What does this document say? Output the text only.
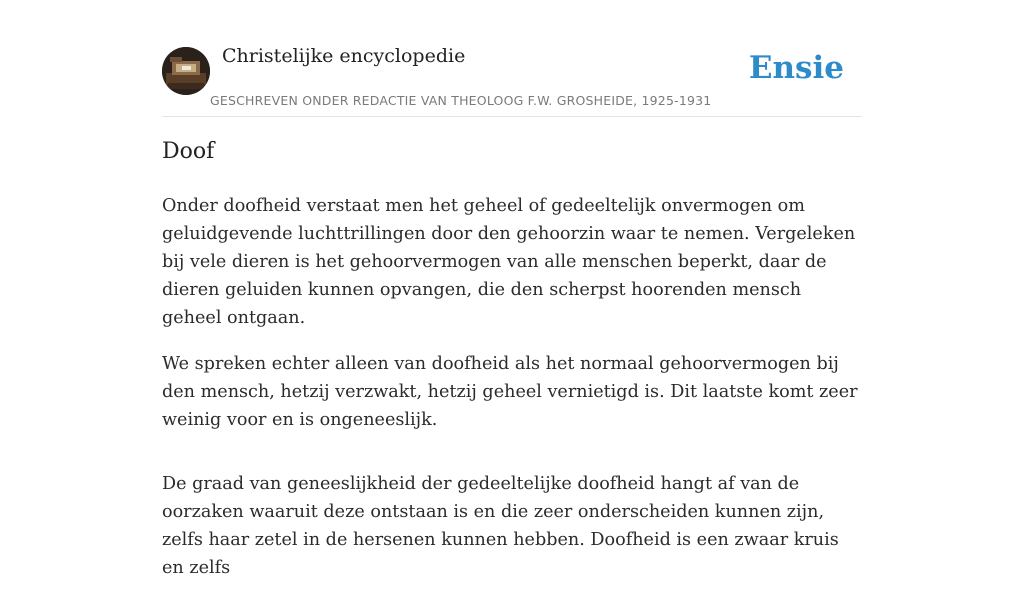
Christelijke encyclopedie
GESCHREVEN ONDER REDACTIE VAN THEOLOOG F.W. GROSHEIDE, 1925-1931
Ensie
Doof

Onder doofheid verstaat men het geheel of gedeeltelijk onvermogen om geluidgevende luchttrillingen door den gehoorzin waar te nemen. Vergeleken bij vele dieren is het gehoorvermogen van alle menschen beperkt, daar de dieren geluiden kunnen opvangen, die den scherpst hoorenden mensch geheel ontgaan.

We spreken echter alleen van doofheid als het normaal gehoorvermogen bij den mensch, hetzij verzwakt, hetzij geheel vernietigd is. Dit laatste komt zeer weinig voor en is ongeneeslijk.

De graad van geneeslijkheid der gedeeltelijke doofheid hangt af van de oorzaken waaruit deze ontstaan is en die zeer onderscheiden kunnen zijn, zelfs haar zetel in de hersenen kunnen hebben. Doofheid is een zwaar kruis en zelfs
